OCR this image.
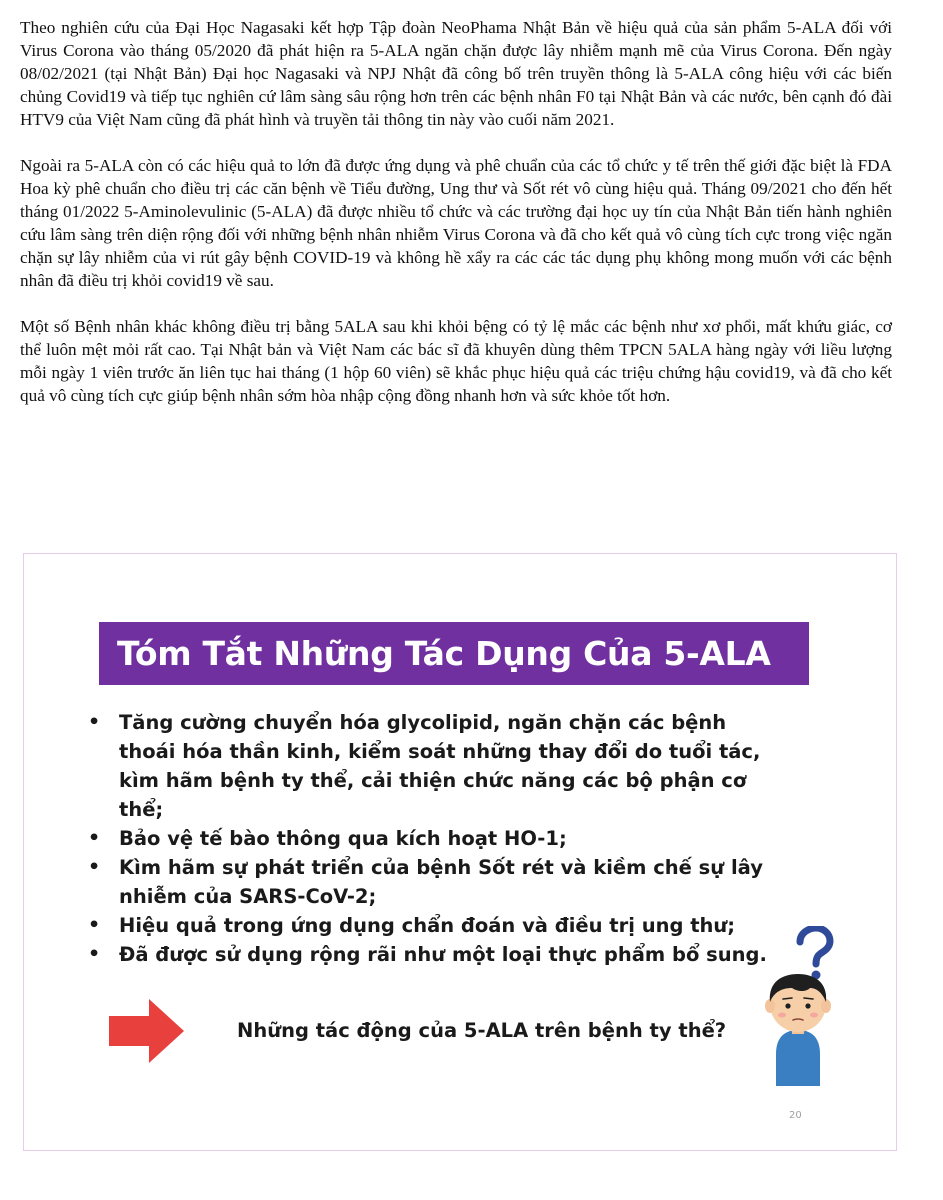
Theo nghiên cứu của Đại Học Nagasaki kết hợp Tập đoàn NeoPhama Nhật Bản về hiệu quả của sản phẩm 5-ALA đối với Virus Corona vào tháng 05/2020 đã phát hiện ra 5-ALA ngăn chặn được lây nhiễm mạnh mẽ của Virus Corona. Đến ngày 08/02/2021 (tại Nhật Bản) Đại học Nagasaki và NPJ Nhật đã công bố trên truyền thông là 5-ALA công hiệu với các biến chủng Covid19 và tiếp tục nghiên cứ lâm sàng sâu rộng hơn trên các bệnh nhân F0 tại Nhật Bản và các nước, bên cạnh đó đài HTV9 của Việt Nam cũng đã phát hình và truyền tải thông tin này vào cuối năm 2021.

Ngoài ra 5-ALA còn có các hiệu quả to lớn đã được ứng dụng và phê chuẩn của các tổ chức y tế trên thế giới đặc biệt là FDA Hoa kỳ phê chuẩn cho điều trị các căn bệnh về Tiểu đường, Ung thư và Sốt rét vô cùng hiệu quả. Tháng 09/2021 cho đến hết tháng 01/2022 5-Aminolevulinic (5-ALA) đã được nhiều tổ chức và các trường đại học uy tín của Nhật Bản tiến hành nghiên cứu lâm sàng trên diện rộng đối với những bệnh nhân nhiễm Virus Corona và đã cho kết quả vô cùng tích cực trong việc ngăn chặn sự lây nhiễm của vi rút gây bệnh COVID-19 và không hề xẩy ra các các tác dụng phụ không mong muốn với các bệnh nhân đã điều trị khỏi covid19 về sau.

Một số Bệnh nhân khác không điều trị bằng 5ALA sau khi khỏi bệng có tỷ lệ mắc các bệnh như xơ phổi, mất khứu giác, cơ thể luôn mệt mỏi rất cao. Tại Nhật bản và Việt Nam các bác sĩ đã khuyên dùng thêm TPCN 5ALA hàng ngày với liều lượng mỗi ngày 1 viên trước ăn liên tục hai tháng (1 hộp 60 viên) sẽ khắc phục hiệu quả các triệu chứng hậu covid19, và đã cho kết quả vô cùng tích cực giúp bệnh nhân sớm hòa nhập cộng đồng nhanh hơn và sức khỏe tốt hơn.

Tóm Tắt Những Tác Dụng Của 5-ALA
• Tăng cường chuyển hóa glycolipid, ngăn chặn các bệnh thoái hóa thần kinh, kiểm soát những thay đổi do tuổi tác, kìm hãm bệnh ty thể, cải thiện chức năng các bộ phận cơ thể;
• Bảo vệ tế bào thông qua kích hoạt HO-1;
• Kìm hãm sự phát triển của bệnh Sốt rét và kiềm chế sự lây nhiễm của SARS-CoV-2;
• Hiệu quả trong ứng dụng chẩn đoán và điều trị ung thư;
• Đã được sử dụng rộng rãi như một loại thực phẩm bổ sung.
Những tác động của 5-ALA trên bệnh ty thể?
20
